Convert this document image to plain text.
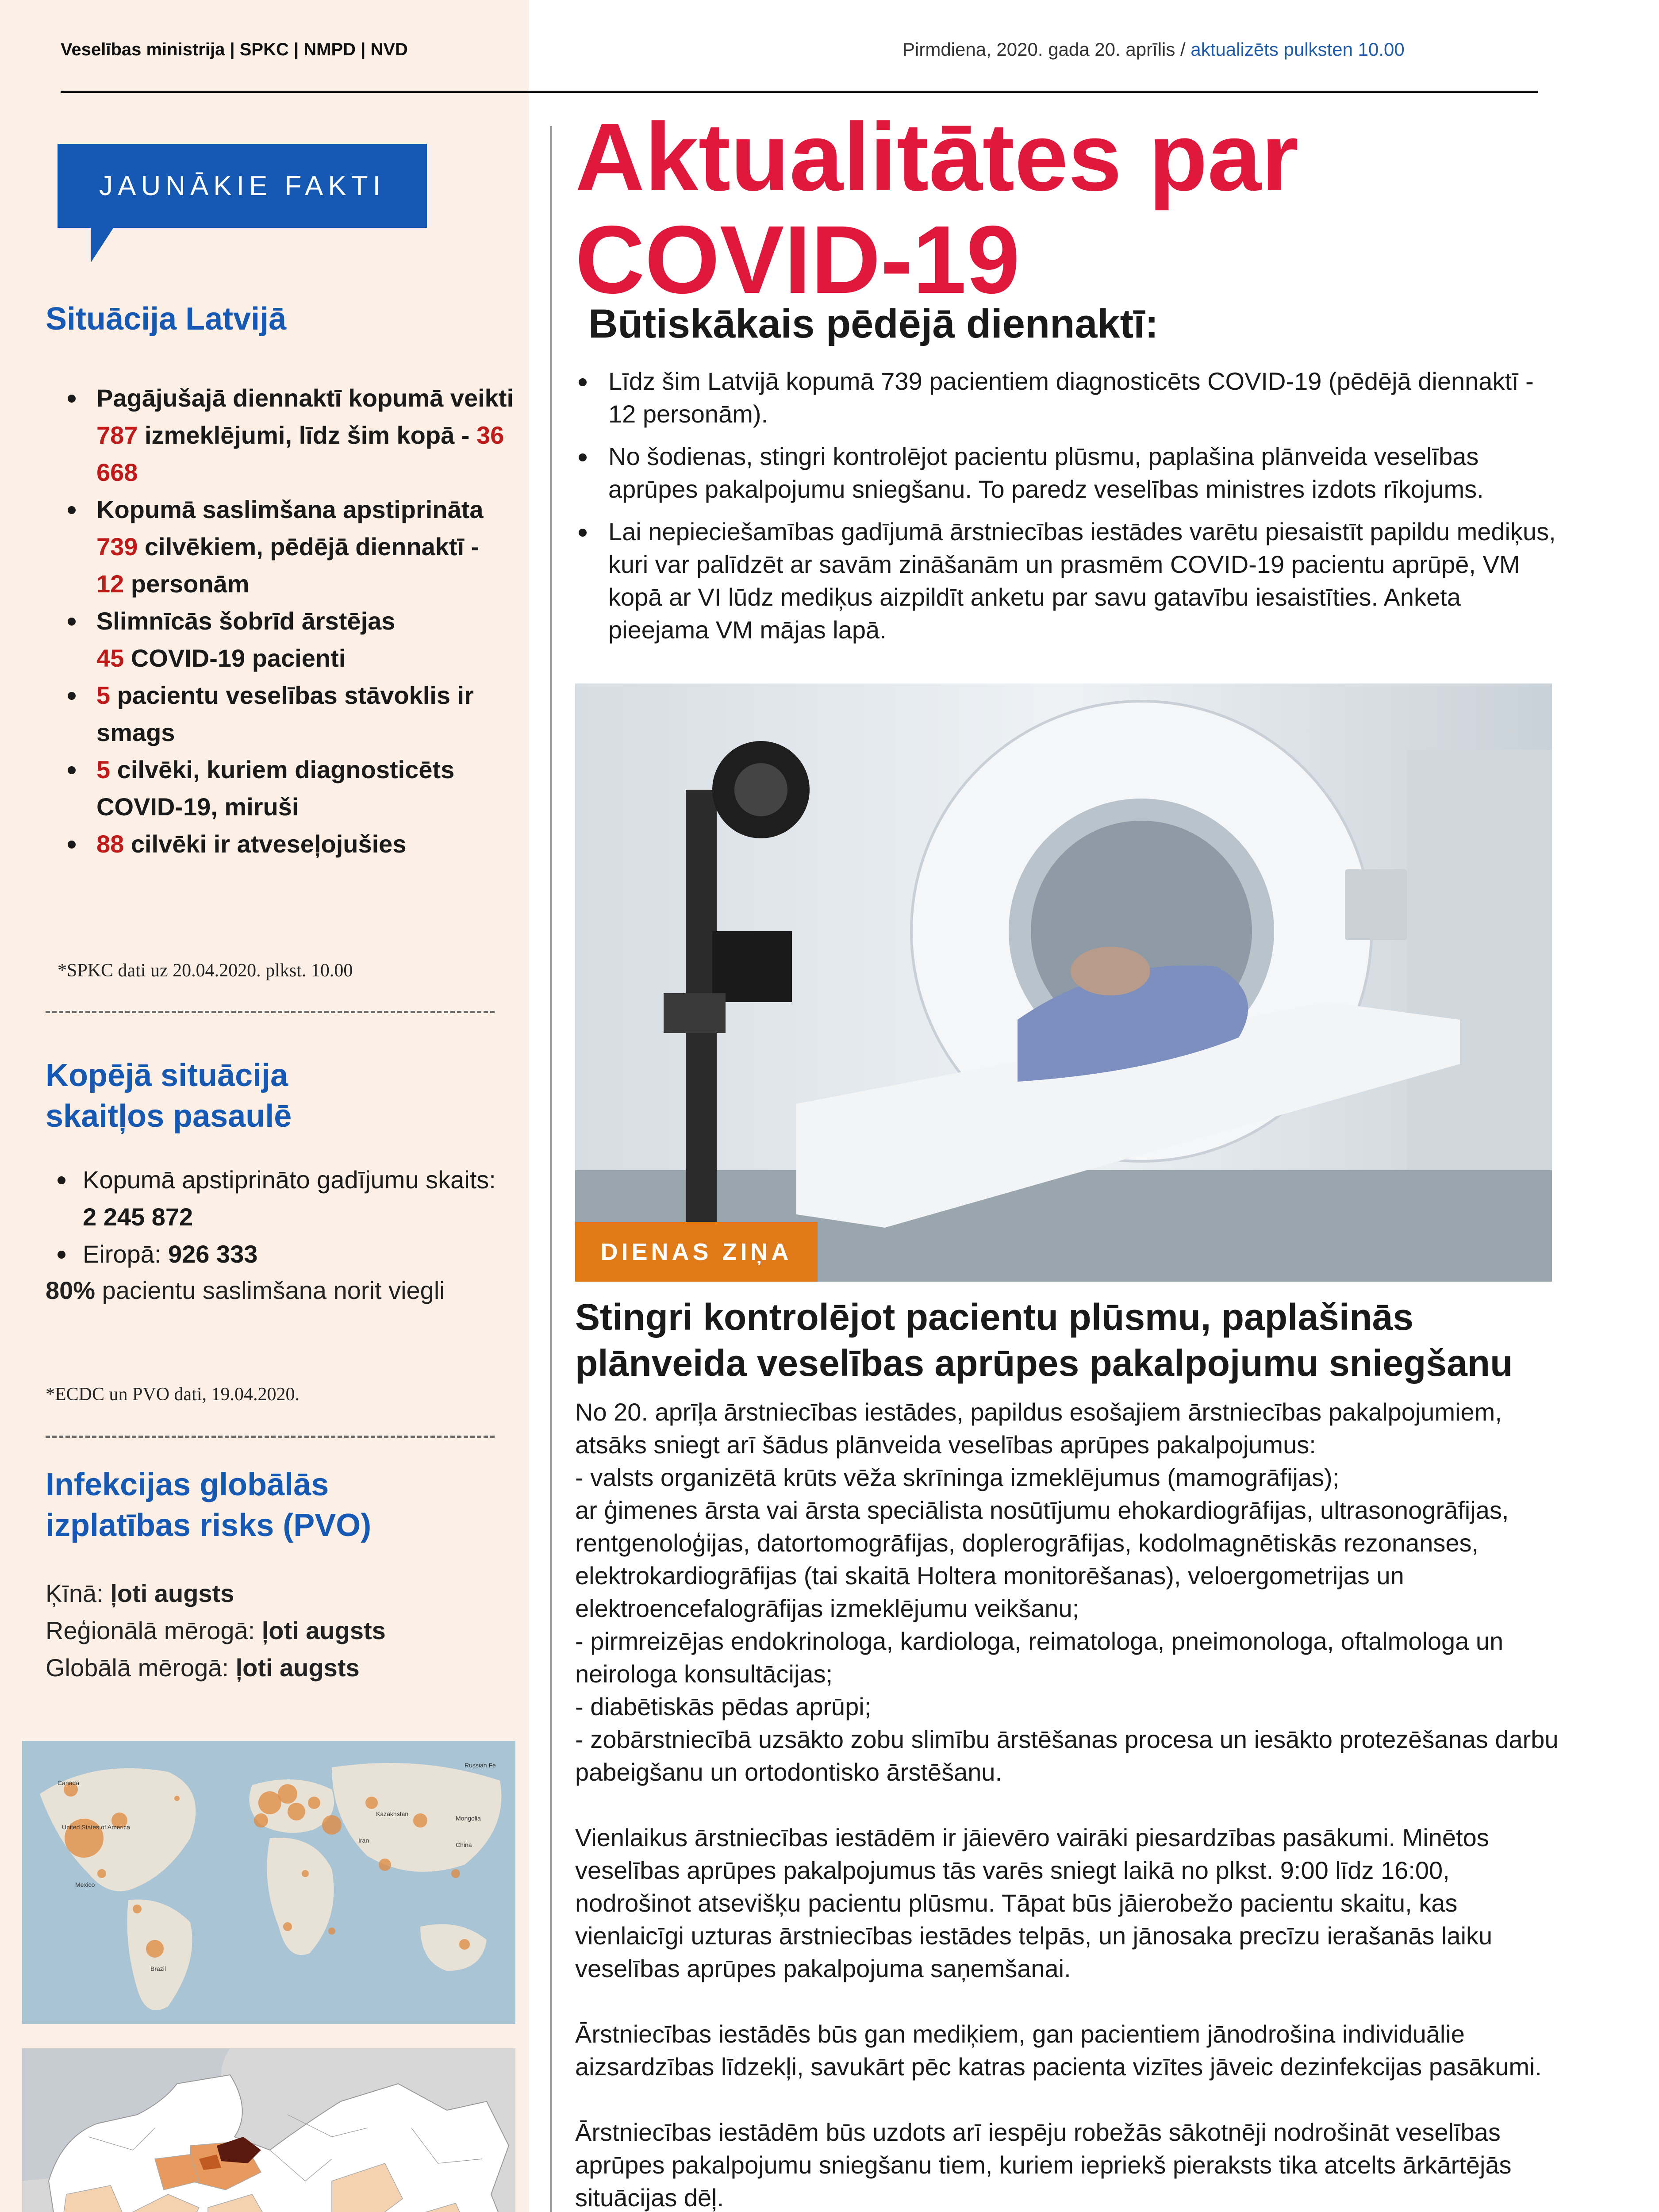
Veselības ministrija | SPKC | NMPD | NVD	Pirmdiena, 2020. gada 20. aprīlis / aktualizēts pulksten 10.00
JAUNĀKIE FAKTI
Situācija Latvijā
Pagājušajā diennaktī kopumā veikti 787 izmeklējumi, līdz šim kopā - 36 668
Kopumā saslimšana apstiprināta 739 cilvēkiem, pēdējā diennaktī -
12 personām
Slimnīcās šobrīd ārstējas
45 COVID-19 pacienti
5 pacientu veselības stāvoklis ir smags
5 cilvēki, kuriem diagnosticēts COVID-19, miruši
88 cilvēki ir atveseļojušies
*SPKC dati uz 20.04.2020. plkst. 10.00
Kopējā situācija
skaitļos pasaulē
Kopumā apstiprināto gadījumu skaits: 2 245 872
Eiropā: 926 333
80% pacientu saslimšana norit viegli
*ECDC un PVO dati, 19.04.2020.
Infekcijas globālās
izplatības risks (PVO)
Ķīnā: ļoti augsts
Reģionālā mērogā: ļoti augsts
Globālā mērogā: ļoti augsts
Canada
United States of America
Brazil
Mexico
Kazakhstan
Iran
Russian Fe
Mongolia
China
Aktualitātes par
COVID-19
Būtiskākais pēdējā diennaktī:
Līdz šim Latvijā kopumā 739 pacientiem diagnosticēts COVID-19 (pēdējā diennaktī - 12 personām).
No šodienas, stingri kontrolējot pacientu plūsmu, paplašina plānveida veselības aprūpes pakalpojumu sniegšanu. To paredz veselības ministres izdots rīkojums.
Lai nepieciešamības gadījumā ārstniecības iestādes varētu piesaistīt papildu mediķus, kuri var palīdzēt ar savām zināšanām un prasmēm COVID-19 pacientu aprūpē, VM kopā ar VI lūdz mediķus aizpildīt anketu par savu gatavību iesaistīties. Anketa pieejama VM mājas lapā.
DIENAS ZIŅA
Stingri kontrolējot pacientu plūsmu, paplašinās plānveida veselības aprūpes pakalpojumu sniegšanu

No 20. aprīļa ārstniecības iestādes, papildus esošajiem ārstniecības pakalpojumiem, atsāks sniegt arī šādus plānveida veselības aprūpes pakalpojumus:

- valsts organizētā krūts vēža skrīninga izmeklējumus (mamogrāfijas);

ar ģimenes ārsta vai ārsta speciālista nosūtījumu ehokardiogrāfijas, ultrasonogrāfijas, rentgenoloģijas, datortomogrāfijas, doplerogrāfijas, kodolmagnētiskās rezonanses, elektrokardiogrāfijas (tai skaitā Holtera monitorēšanas), veloergometrijas un elektroencefalogrāfijas izmeklējumu veikšanu;

- pirmreizējas endokrinologa, kardiologa, reimatologa, pneimonologa, oftalmologa un neirologa konsultācijas;

- diabētiskās pēdas aprūpi;

- zobārstniecībā uzsākto zobu slimību ārstēšanas procesa un iesākto protezēšanas darbu pabeigšanu un ortodontisko ārstēšanu.

Vienlaikus ārstniecības iestādēm ir jāievēro vairāki piesardzības pasākumi. Minētos veselības aprūpes pakalpojumus tās varēs sniegt laikā no plkst. 9:00 līdz 16:00, nodrošinot atsevišķu pacientu plūsmu. Tāpat būs jāierobežo pacientu skaitu, kas vienlaicīgi uzturas ārstniecības iestādes telpās, un jānosaka precīzu ierašanās laiku veselības aprūpes pakalpojuma saņemšanai.

Ārstniecības iestādēs būs gan mediķiem, gan pacientiem jānodrošina individuālie aizsardzības līdzekļi, savukārt pēc katras pacienta vizītes jāveic dezinfekcijas pasākumi.

Ārstniecības iestādēm būs uzdots arī iespēju robežās sākotnēji nodrošināt veselības aprūpes pakalpojumu sniegšanu tiem, kuriem iepriekš pieraksts tika atcelts ārkārtējās situācijas dēļ.
